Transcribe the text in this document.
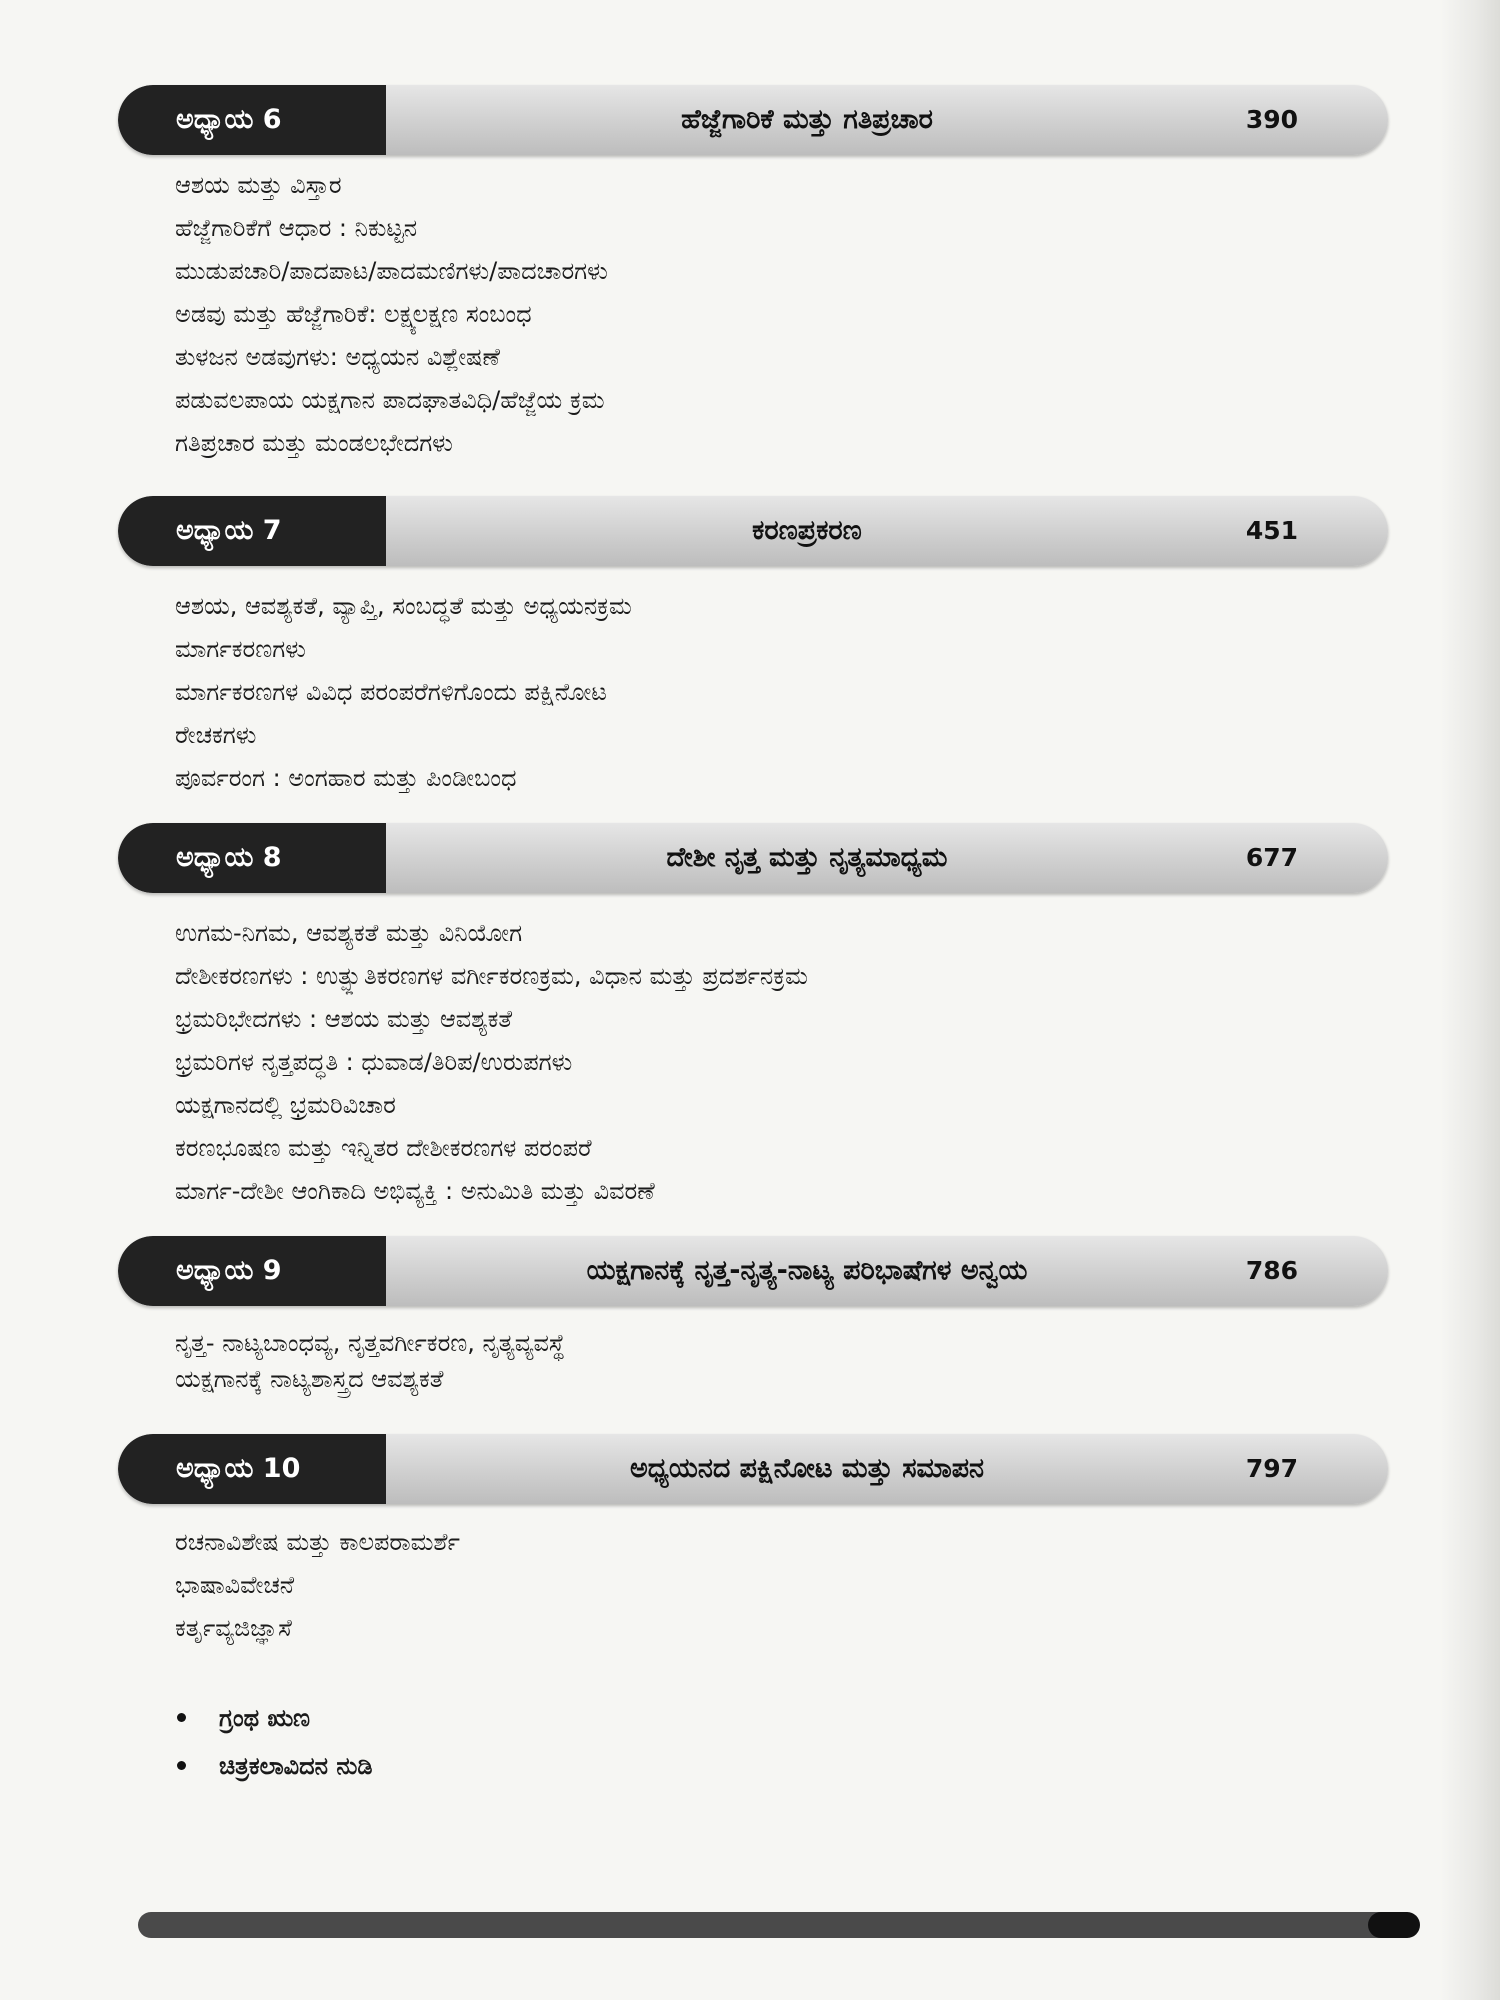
ಅಧ್ಯಾಯ 6	ಹೆಜ್ಜೆಗಾರಿಕೆ ಮತ್ತು ಗತಿಪ್ರಚಾರ	390
ಆಶಯ ಮತ್ತು ವಿಸ್ತಾರ
ಹೆಜ್ಜೆಗಾರಿಕೆಗೆ ಆಧಾರ : ನಿಕುಟ್ಟನ
ಮುಡುಪಚಾರಿ/ಪಾದಪಾಟ/ಪಾದಮಣಿಗಳು/ಪಾದಚಾರಗಳು
ಅಡವು ಮತ್ತು ಹೆಜ್ಜೆಗಾರಿಕೆ: ಲಕ್ಷ್ಯಲಕ್ಷಣ ಸಂಬಂಧ
ತುಳಜನ ಅಡವುಗಳು: ಅಧ್ಯಯನ ವಿಶ್ಲೇಷಣೆ
ಪಡುವಲಪಾಯ ಯಕ್ಷಗಾನ ಪಾದಘಾತವಿಧಿ/ಹೆಜ್ಜೆಯ ಕ್ರಮ
ಗತಿಪ್ರಚಾರ ಮತ್ತು ಮಂಡಲಭೇದಗಳು
ಅಧ್ಯಾಯ 7	ಕರಣಪ್ರಕರಣ	451
ಆಶಯ, ಆವಶ್ಯಕತೆ, ವ್ಯಾಪ್ತಿ, ಸಂಬದ್ಧತೆ ಮತ್ತು ಅಧ್ಯಯನಕ್ರಮ
ಮಾರ್ಗಕರಣಗಳು
ಮಾರ್ಗಕರಣಗಳ ವಿವಿಧ ಪರಂಪರೆಗಳಿಗೊಂದು ಪಕ್ಷಿನೋಟ
ರೇಚಕಗಳು
ಪೂರ್ವರಂಗ : ಅಂಗಹಾರ ಮತ್ತು ಪಿಂಡೀಬಂಧ
ಅಧ್ಯಾಯ 8	ದೇಶೀ ನೃತ್ತ ಮತ್ತು ನೃತ್ಯಮಾಧ್ಯಮ	677
ಉಗಮ-ನಿಗಮ, ಆವಶ್ಯಕತೆ ಮತ್ತು ವಿನಿಯೋಗ
ದೇಶೀಕರಣಗಳು : ಉತ್ಪ್ಲುತಿಕರಣಗಳ ವರ್ಗೀಕರಣಕ್ರಮ, ವಿಧಾನ ಮತ್ತು ಪ್ರದರ್ಶನಕ್ರಮ
ಭ್ರಮರಿಭೇದಗಳು : ಆಶಯ ಮತ್ತು ಆವಶ್ಯಕತೆ
ಭ್ರಮರಿಗಳ ನೃತ್ತಪದ್ಧತಿ : ಧುವಾಡ/ತಿರಿಪ/ಉರುಪಗಳು
ಯಕ್ಷಗಾನದಲ್ಲಿ ಭ್ರಮರಿವಿಚಾರ
ಕರಣಭೂಷಣ ಮತ್ತು ಇನ್ನಿತರ ದೇಶೀಕರಣಗಳ ಪರಂಪರೆ
ಮಾರ್ಗ-ದೇಶೀ ಆಂಗಿಕಾದಿ ಅಭಿವ್ಯಕ್ತಿ : ಅನುಮಿತಿ ಮತ್ತು ವಿವರಣೆ
ಅಧ್ಯಾಯ 9	ಯಕ್ಷಗಾನಕ್ಕೆ ನೃತ್ತ-ನೃತ್ಯ-ನಾಟ್ಯ ಪರಿಭಾಷೆಗಳ ಅನ್ವಯ	786
ನೃತ್ತ- ನಾಟ್ಯಬಾಂಧವ್ಯ, ನೃತ್ತವರ್ಗೀಕರಣ, ನೃತ್ಯವ್ಯವಸ್ಥೆ
ಯಕ್ಷಗಾನಕ್ಕೆ ನಾಟ್ಯಶಾಸ್ತ್ರದ ಆವಶ್ಯಕತೆ
ಅಧ್ಯಾಯ 10	ಅಧ್ಯಯನದ ಪಕ್ಷಿನೋಟ ಮತ್ತು ಸಮಾಪನ	797
ರಚನಾವಿಶೇಷ ಮತ್ತು ಕಾಲಪರಾಮರ್ಶೆ
ಭಾಷಾವಿವೇಚನೆ
ಕರ್ತೃವ್ಯಜಿಜ್ಞಾಸೆ
ಗ್ರಂಥ ಋಣ
ಚಿತ್ರಕಲಾವಿದನ ನುಡಿ
